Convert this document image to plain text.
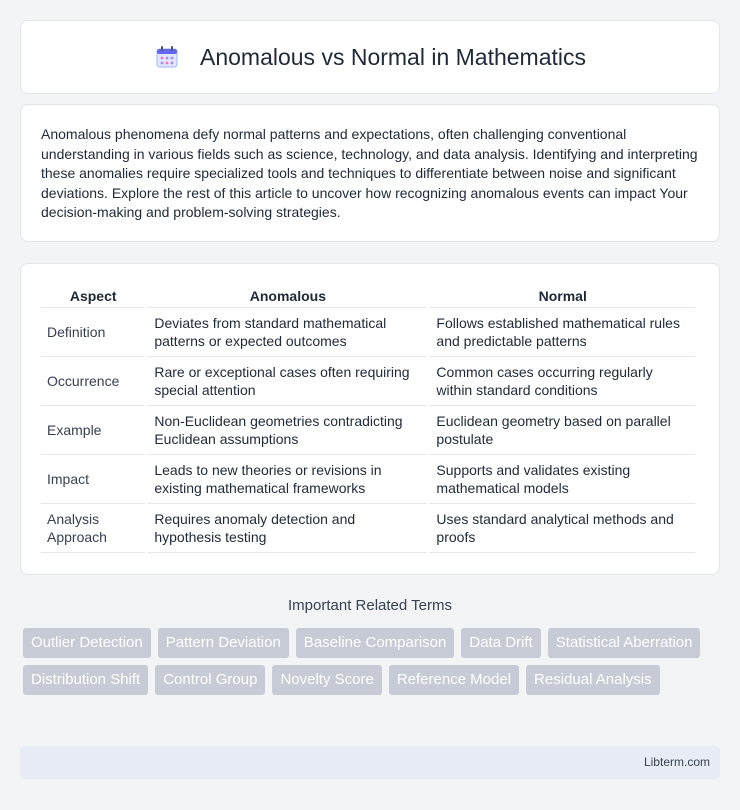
Anomalous vs Normal in Mathematics

Anomalous phenomena defy normal patterns and expectations, often challenging conventional understanding in various fields such as science, technology, and data analysis. Identifying and interpreting these anomalies require specialized tools and techniques to differentiate between noise and significant deviations. Explore the rest of this article to uncover how recognizing anomalous events can impact Your decision-making and problem-solving strategies.

Aspect	Anomalous	Normal
Definition	Deviates from standard mathematical patterns or expected outcomes	Follows established mathematical rules and predictable patterns
Occurrence	Rare or exceptional cases often requiring special attention	Common cases occurring regularly within standard conditions
Example	Non-Euclidean geometries contradicting Euclidean assumptions	Euclidean geometry based on parallel postulate
Impact	Leads to new theories or revisions in existing mathematical frameworks	Supports and validates existing mathematical models
Analysis Approach	Requires anomaly detection and hypothesis testing	Uses standard analytical methods and proofs
Important Related Terms
Outlier Detection	Pattern Deviation	Baseline Comparison	Data Drift	Statistical Aberration
Distribution Shift	Control Group	Novelty Score	Reference Model	Residual Analysis
Libterm.com
